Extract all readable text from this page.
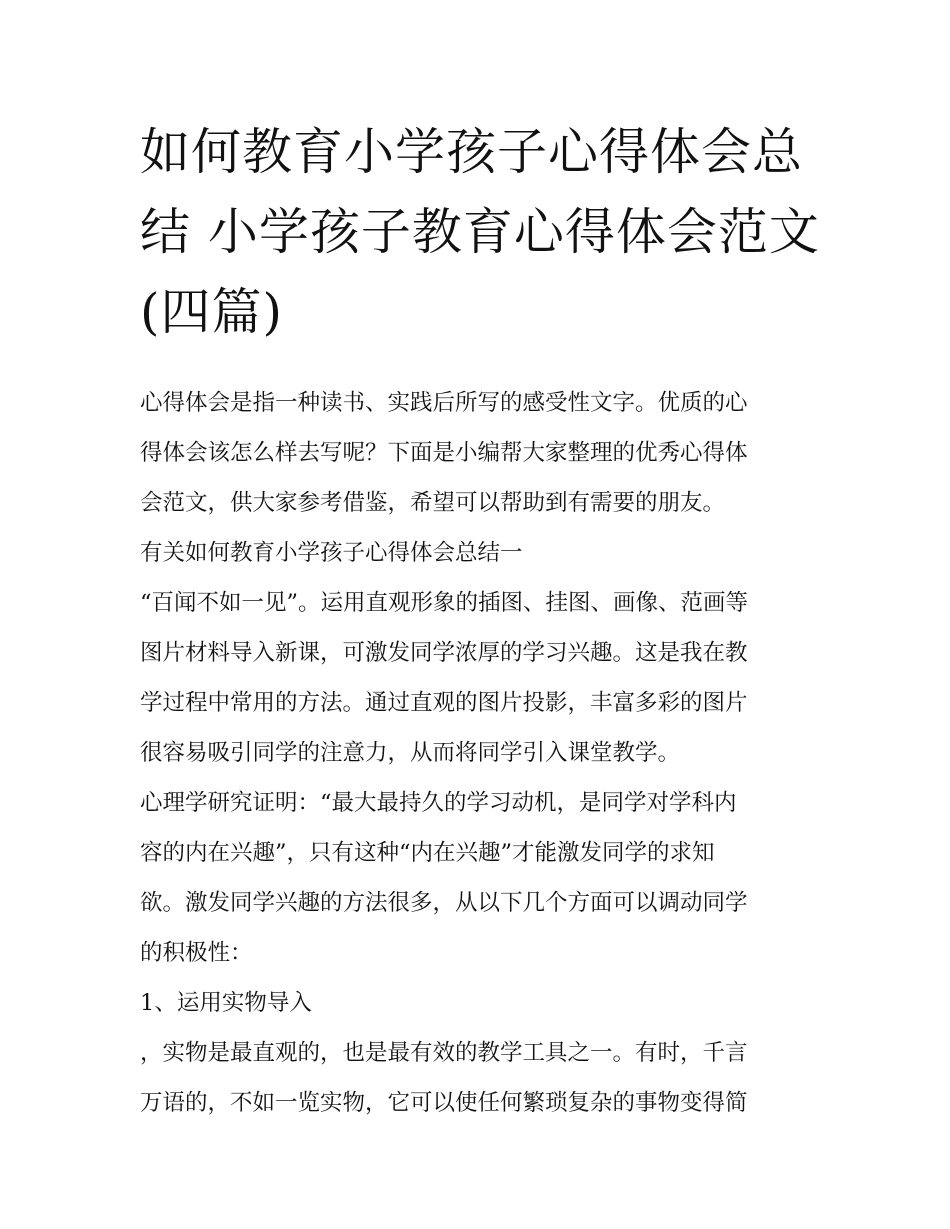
如何教育小学孩子心得体会总
结 小学孩子教育心得体会范文
(四篇)
心得体会是指一种读书、实践后所写的感受性文字。优质的心
得体会该怎么样去写呢？下面是小编帮大家整理的优秀心得体
会范文，供大家参考借鉴，希望可以帮助到有需要的朋友。
有关如何教育小学孩子心得体会总结一
“百闻不如一见”。运用直观形象的插图、挂图、画像、范画等
图片材料导入新课，可激发同学浓厚的学习兴趣。这是我在教
学过程中常用的方法。通过直观的图片投影，丰富多彩的图片
很容易吸引同学的注意力，从而将同学引入课堂教学。
心理学研究证明：“最大最持久的学习动机，是同学对学科内
容的内在兴趣”，只有这种“内在兴趣”才能激发同学的求知
欲。激发同学兴趣的方法很多，从以下几个方面可以调动同学
的积极性：
1、运用实物导入
，实物是最直观的，也是最有效的教学工具之一。有时，千言
万语的，不如一览实物，它可以使任何繁琐复杂的事物变得简
